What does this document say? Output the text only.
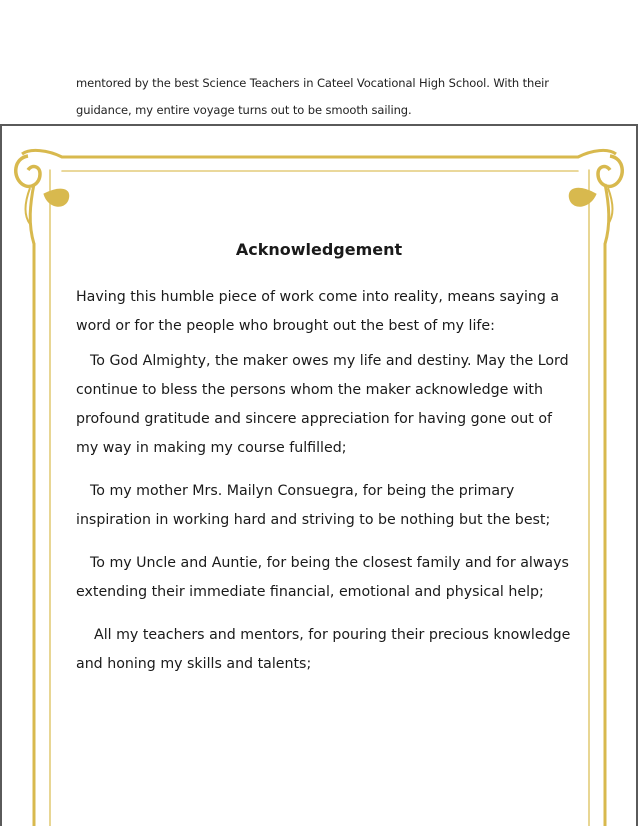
mentored by the best Science Teachers in Cateel Vocational High School. With their

guidance, my entire voyage turns out to be smooth sailing.

Acknowledgement

Having this humble piece of work come into reality, means saying a word or for the people who brought out the best of my life:

To God Almighty, the maker owes my life and destiny. May the Lord continue to bless the persons whom the maker acknowledge with profound gratitude and sincere appreciation for having gone out of my way in making my course fulfilled;

To my mother Mrs. Mailyn Consuegra, for being the primary inspiration in working hard and striving to be nothing but the best;

To my Uncle and Auntie, for being the closest family and for always extending their immediate financial, emotional and physical help;

All my teachers and mentors, for pouring their precious knowledge and honing my skills and talents;
